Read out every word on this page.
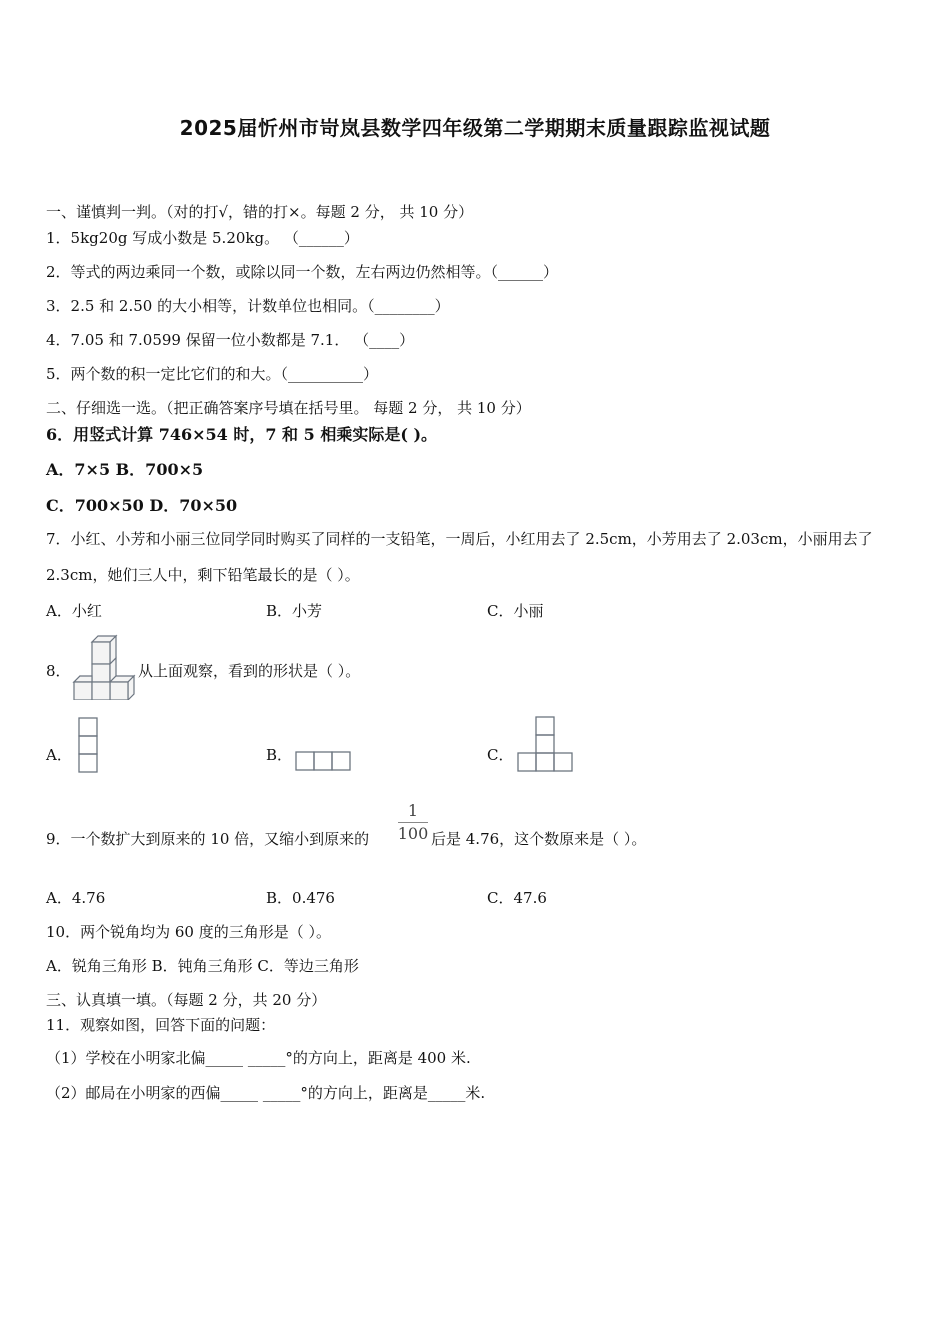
2025届忻州市岢岚县数学四年级第二学期期末质量跟踪监视试题
一、谨慎判一判。（对的打√，错的打×。每题 2 分， 共 10 分）
1．5kg20g 写成小数是 5.20kg。 （______）
2．等式的两边乘同一个数，或除以同一个数，左右两边仍然相等。（______）
3．2.5 和 2.50 的大小相等，计数单位也相同。（________）
4．7.05 和 7.0599 保留一位小数都是 7.1． （____）
5．两个数的积一定比它们的和大。（__________）
二、仔细选一选。（把正确答案序号填在括号里。 每题 2 分， 共 10 分）
6．用竖式计算 746×54 时，7 和 5 相乘实际是( )。
A．7×5 B．700×5
C．700×50 D．70×50
7．小红、小芳和小丽三位同学同时购买了同样的一支铅笔，一周后，小红用去了 2.5cm，小芳用去了 2.03cm，小丽用去了 2.3cm，她们三人中，剩下铅笔最长的是（ ）。
A．小红	B．小芳	C．小丽
8．	从上面观察，看到的形状是（ ）。
A．	B．	C．
9．一个数扩大到原来的 10 倍，又缩小到原来的
1
100 后是 4.76，这个数原来是（ ）。
A．4.76	B．0.476	C．47.6
10．两个锐角均为 60 度的三角形是（ ）。
A．锐角三角形 B．钝角三角形 C．等边三角形
三、认真填一填。（每题 2 分，共 20 分）
11．观察如图，回答下面的问题：
（1）学校在小明家北偏_____ _____°的方向上，距离是 400 米.
（2）邮局在小明家的西偏_____ _____°的方向上，距离是_____米.
